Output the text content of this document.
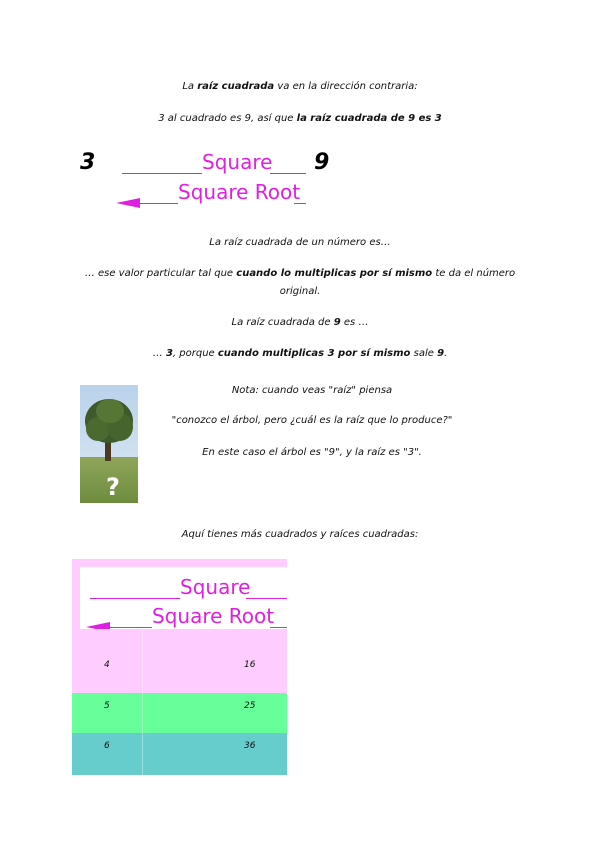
La raíz cuadrada va en la dirección contraria:
3 al cuadrado es 9, así que la raíz cuadrada de 9 es 3
3	9
Square
Square Root
La raíz cuadrada de un número es…
… ese valor particular tal que cuando lo multiplicas por sí mismo te da el número
original.
La raíz cuadrada de 9 es …
… 3, porque cuando multiplicas 3 por sí mismo sale 9.
?
Nota: cuando veas "raíz" piensa
"conozco el árbol, pero ¿cuál es la raíz que lo produce?"
En este caso el árbol es "9", y la raíz es "3".
Aquí tienes más cuadrados y raíces cuadradas:
Square
Square Root
4	16
5	25
6	36
